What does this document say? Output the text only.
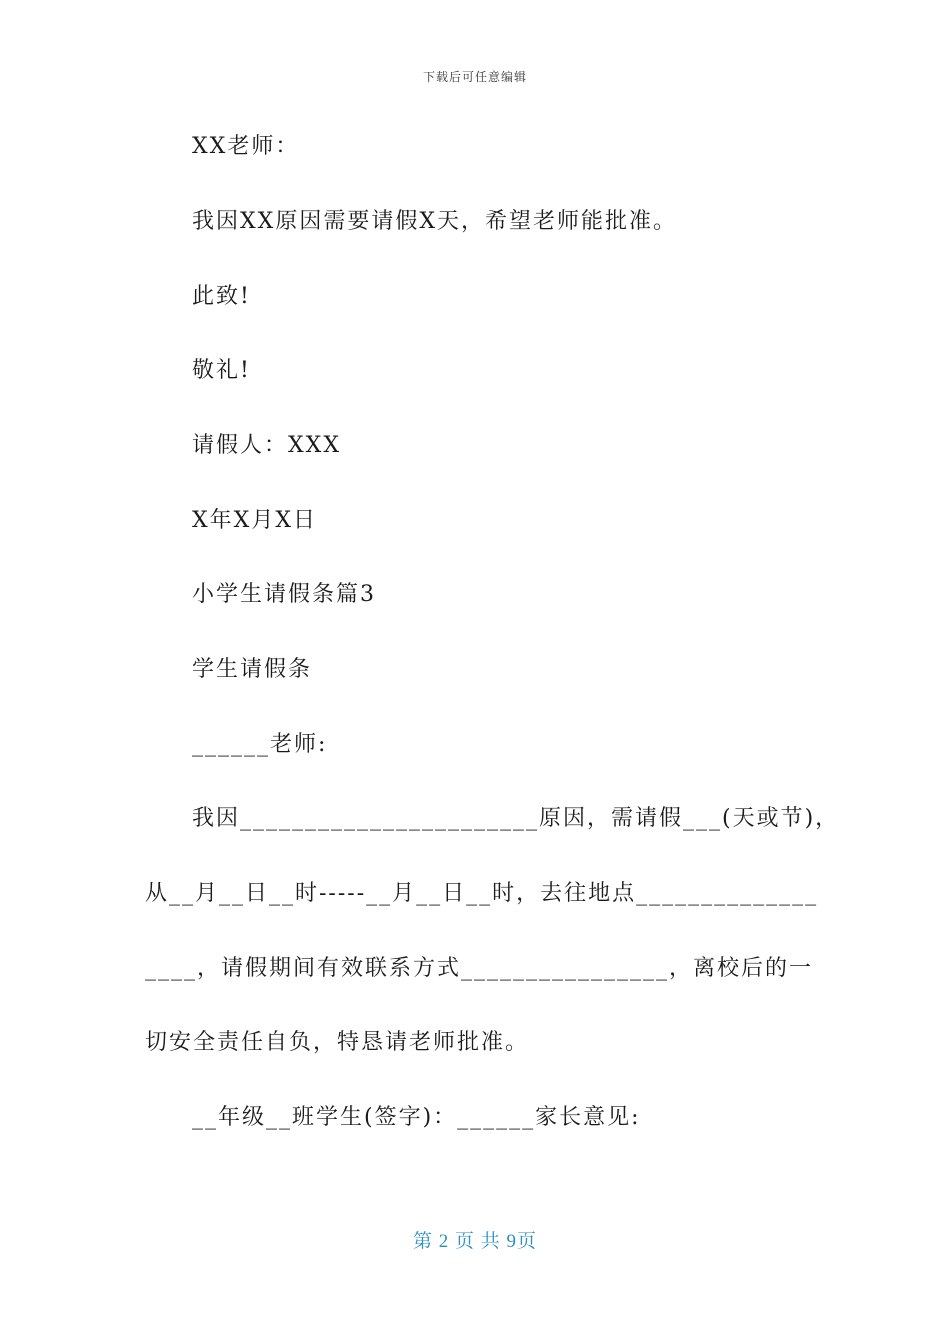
下载后可任意编辑
XX老师：
我因XX原因需要请假X天，希望老师能批准。
此致!
敬礼!
请假人：XXX
X年X月X日
小学生请假条篇3
学生请假条
______老师:
我因_______________________原因，需请假___(天或节)，
从__月__日__时-----__月__日__时，去往地点______________
____，请假期间有效联系方式________________，离校后的一
切安全责任自负，特恳请老师批准。
__年级__班学生(签字)：______家长意见:
第 2 页 共 9页
